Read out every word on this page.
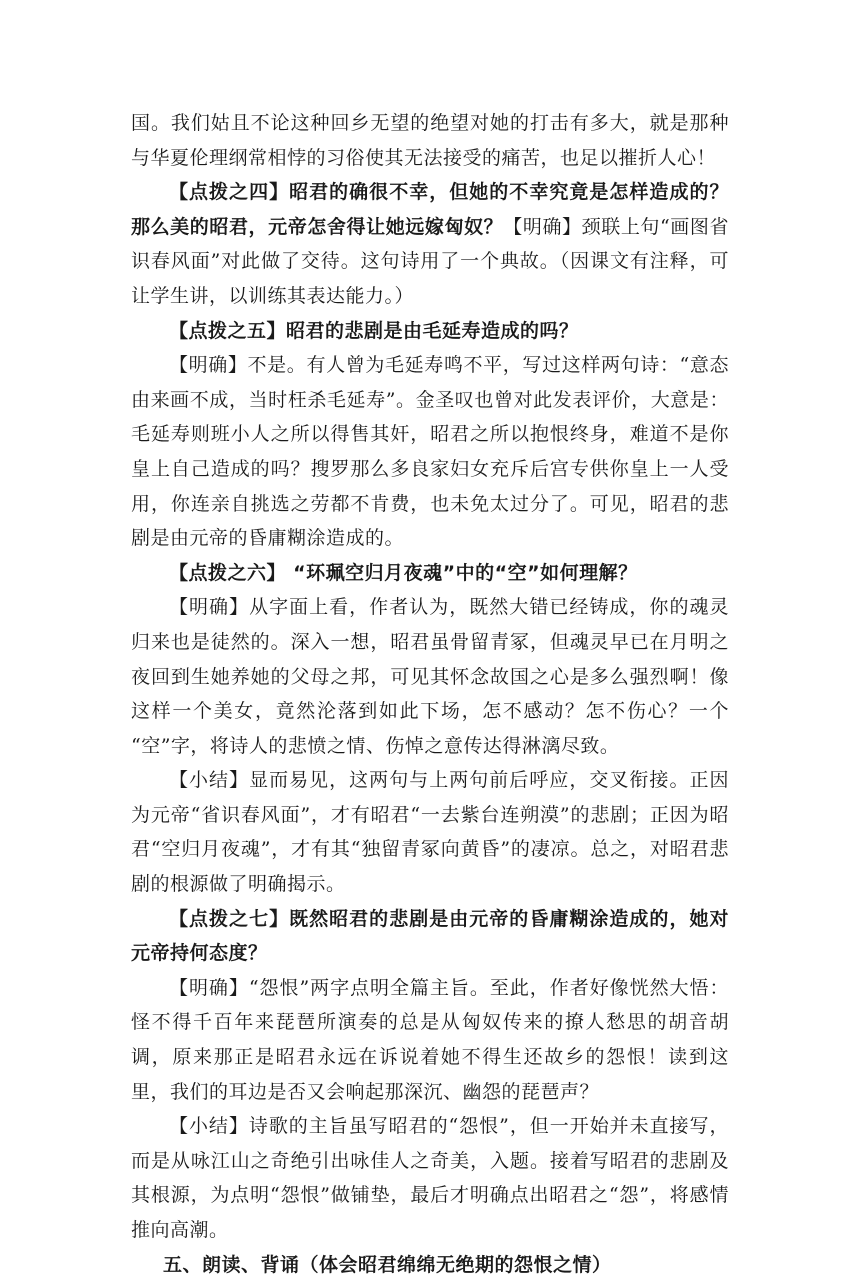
国。我们姑且不论这种回乡无望的绝望对她的打击有多大，就是那种与华夏伦理纲常相悖的习俗使其无法接受的痛苦，也足以摧折人心！

【点拨之四】昭君的确很不幸，但她的不幸究竟是怎样造成的？那么美的昭君，元帝怎舍得让她远嫁匈奴？【明确】颈联上句“画图省识春风面”对此做了交待。这句诗用了一个典故。（因课文有注释，可让学生讲，以训练其表达能力。）

【点拨之五】昭君的悲剧是由毛延寿造成的吗？

【明确】不是。有人曾为毛延寿鸣不平，写过这样两句诗：“意态由来画不成，当时枉杀毛延寿”。金圣叹也曾对此发表评价，大意是：毛延寿则班小人之所以得售其奸，昭君之所以抱恨终身，难道不是你皇上自己造成的吗？搜罗那么多良家妇女充斥后宫专供你皇上一人受用，你连亲自挑选之劳都不肯费，也未免太过分了。可见，昭君的悲剧是由元帝的昏庸糊涂造成的。

【点拨之六】 “环珮空归月夜魂”中的“空”如何理解？

【明确】从字面上看，作者认为，既然大错已经铸成，你的魂灵归来也是徒然的。深入一想，昭君虽骨留青冢，但魂灵早已在月明之夜回到生她养她的父母之邦，可见其怀念故国之心是多么强烈啊！像这样一个美女，竟然沦落到如此下场，怎不感动？怎不伤心？一个 “空”字，将诗人的悲愤之情、伤悼之意传达得淋漓尽致。

【小结】显而易见，这两句与上两句前后呼应，交叉衔接。正因为元帝“省识春风面”，才有昭君“一去紫台连朔漠”的悲剧；正因为昭君“空归月夜魂”，才有其“独留青冢向黄昏”的凄凉。总之，对昭君悲剧的根源做了明确揭示。

【点拨之七】既然昭君的悲剧是由元帝的昏庸糊涂造成的，她对元帝持何态度？

【明确】“怨恨”两字点明全篇主旨。至此，作者好像恍然大悟：怪不得千百年来琵琶所演奏的总是从匈奴传来的撩人愁思的胡音胡调，原来那正是昭君永远在诉说着她不得生还故乡的怨恨！读到这里，我们的耳边是否又会响起那深沉、幽怨的琵琶声？

【小结】诗歌的主旨虽写昭君的“怨恨”，但一开始并未直接写，而是从咏江山之奇绝引出咏佳人之奇美，入题。接着写昭君的悲剧及其根源，为点明“怨恨”做铺垫，最后才明确点出昭君之“怨”，将感情推向高潮。

五、朗读、背诵（体会昭君绵绵无绝期的怨恨之情）
